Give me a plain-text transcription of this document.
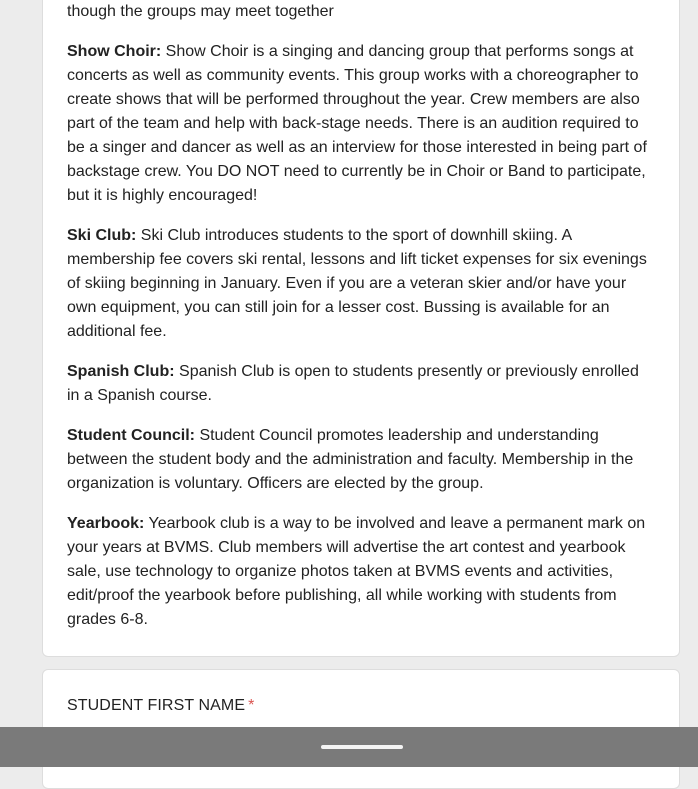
though the groups may meet together

Show Choir: Show Choir is a singing and dancing group that performs songs at concerts as well as community events. This group works with a choreographer to create shows that will be performed throughout the year. Crew members are also part of the team and help with back-stage needs. There is an audition required to be a singer and dancer as well as an interview for those interested in being part of backstage crew. You DO NOT need to currently be in Choir or Band to participate, but it is highly encouraged!

Ski Club: Ski Club introduces students to the sport of downhill skiing. A membership fee covers ski rental, lessons and lift ticket expenses for six evenings of skiing beginning in January. Even if you are a veteran skier and/or have your own equipment, you can still join for a lesser cost. Bussing is available for an additional fee.

Spanish Club: Spanish Club is open to students presently or previously enrolled in a Spanish course.

Student Council: Student Council promotes leadership and understanding between the student body and the administration and faculty. Membership in the organization is voluntary. Officers are elected by the group.

Yearbook: Yearbook club is a way to be involved and leave a permanent mark on your years at BVMS. Club members will advertise the art contest and yearbook sale, use technology to organize photos taken at BVMS events and activities, edit/proof the yearbook before publishing, all while working with students from grades 6-8.

STUDENT FIRST NAME *
